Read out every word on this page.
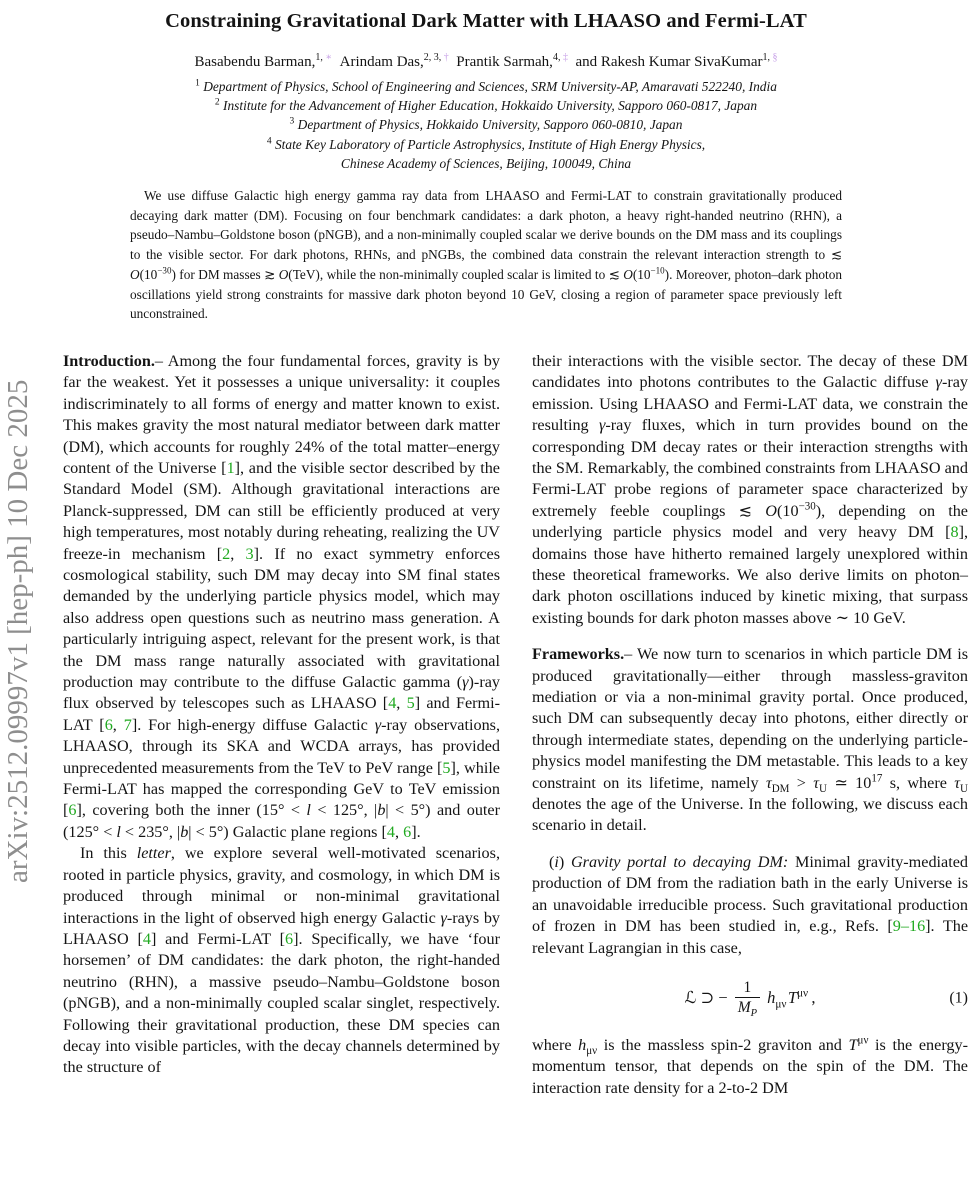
arXiv:2512.09997v1 [hep-ph] 10 Dec 2025
Constraining Gravitational Dark Matter with LHAASO and Fermi-LAT
Basabendu Barman,$^{1, ∗}$ Arindam Das,$^{2, 3, \dagger}$ Prantik Sarmah,$^{4, \ddagger}$ and Rakesh Kumar SivaKumar$^{1, \S}$
$^1$ Department of Physics, School of Engineering and Sciences, SRM University-AP, Amaravati 522240, India
$^2$ Institute for the Advancement of Higher Education, Hokkaido University, Sapporo 060-0817, Japan
$^3$ Department of Physics, Hokkaido University, Sapporo 060-0810, Japan
$^4$ State Key Laboratory of Particle Astrophysics, Institute of High Energy Physics,
Chinese Academy of Sciences, Beijing, 100049, China
We use diffuse Galactic high energy gamma ray data from LHAASO and Fermi-LAT to constrain gravitationally produced decaying dark matter (DM). Focusing on four benchmark candidates: a dark photon, a heavy right-handed neutrino (RHN), a pseudo–Nambu–Goldstone boson (pNGB), and a non-minimally coupled scalar we derive bounds on the DM mass and its couplings to the visible sector. For dark photons, RHNs, and pNGBs, the combined data constrain the relevant interaction strength to ≲ $O(10^{-30})$ for DM masses ≳ O(TeV), while the non-minimally coupled scalar is limited to ≲ $O(10^{-10})$. Moreover, photon–dark photon oscillations yield strong constraints for massive dark photon beyond 10 GeV, closing a region of parameter space previously left unconstrained.

Introduction.– Among the four fundamental forces, gravity is by far the weakest. Yet it possesses a unique universality: it couples indiscriminately to all forms of energy and matter known to exist. This makes gravity the most natural mediator between dark matter (DM), which accounts for roughly 24% of the total matter–energy content of the Universe [1], and the visible sector described by the Standard Model (SM). Although gravitational interactions are Planck-suppressed, DM can still be efficiently produced at very high temperatures, most notably during reheating, realizing the UV freeze-in mechanism [2, 3]. If no exact symmetry enforces cosmological stability, such DM may decay into SM final states demanded by the underlying particle physics model, which may also address open questions such as neutrino mass generation. A particularly intriguing aspect, relevant for the present work, is that the DM mass range naturally associated with gravitational production may contribute to the diffuse Galactic gamma (γ)-ray flux observed by telescopes such as LHAASO [4, 5] and Fermi-LAT [6, 7]. For high-energy diffuse Galactic γ-ray observations, LHAASO, through its SKA and WCDA arrays, has provided unprecedented measurements from the TeV to PeV range [5], while Fermi-LAT has mapped the corresponding GeV to TeV emission [6], covering both the inner (15° < l < 125°, |b| < 5°) and outer (125° < l < 235°, |b| < 5°) Galactic plane regions [4, 6].

In this letter, we explore several well-motivated scenarios, rooted in particle physics, gravity, and cosmology, in which DM is produced through minimal or non-minimal gravitational interactions in the light of observed high energy Galactic γ-rays by LHAASO [4] and Fermi-LAT [6]. Specifically, we have ‘four horsemen’ of DM candidates: the dark photon, the right-handed neutrino (RHN), a massive pseudo–Nambu–Goldstone boson (pNGB), and a non-minimally coupled scalar singlet, respectively. Following their gravitational production, these DM species can decay into visible particles, with the decay channels determined by the structure of

their interactions with the visible sector. The decay of these DM candidates into photons contributes to the Galactic diffuse γ-ray emission. Using LHAASO and Fermi-LAT data, we constrain the resulting γ-ray fluxes, which in turn provides bound on the corresponding DM decay rates or their interaction strengths with the SM. Remarkably, the combined constraints from LHAASO and Fermi-LAT probe regions of parameter space characterized by extremely feeble couplings ≲ $O(10^{-30})$, depending on the underlying particle physics model and very heavy DM [8], domains those have hitherto remained largely unexplored within these theoretical frameworks. We also derive limits on photon–dark photon oscillations induced by kinetic mixing, that surpass existing bounds for dark photon masses above ∼ 10 GeV.

Frameworks.– We now turn to scenarios in which particle DM is produced gravitationally—either through massless-graviton mediation or via a non-minimal gravity portal. Once produced, such DM can subsequently decay into photons, either directly or through intermediate states, depending on the underlying particle-physics model manifesting the DM metastable. This leads to a key constraint on its lifetime, namely $\tau_{DM} > \tau_U$ ≃ $10^{17}$ s, where $\tau_U$ denotes the age of the Universe. In the following, we discuss each scenario in detail.

(i) Gravity portal to decaying DM: Minimal gravity-mediated production of DM from the radiation bath in the early Universe is an unavoidable irreducible process. Such gravitational production of frozen in DM has been studied in, e.g., Refs. [9–16]. The relevant Lagrangian in this case,

ℒ ⊃ − $\frac{1}{M_P} h_{\mu\nu}$ $T^{\mu\nu}$ ,	(1)

where $h_{\mu\nu}$ is the massless spin-2 graviton and $T^{\mu\nu}$ is the energy-momentum tensor, that depends on the spin of the DM. The interaction rate density for a 2-to-2 DM
